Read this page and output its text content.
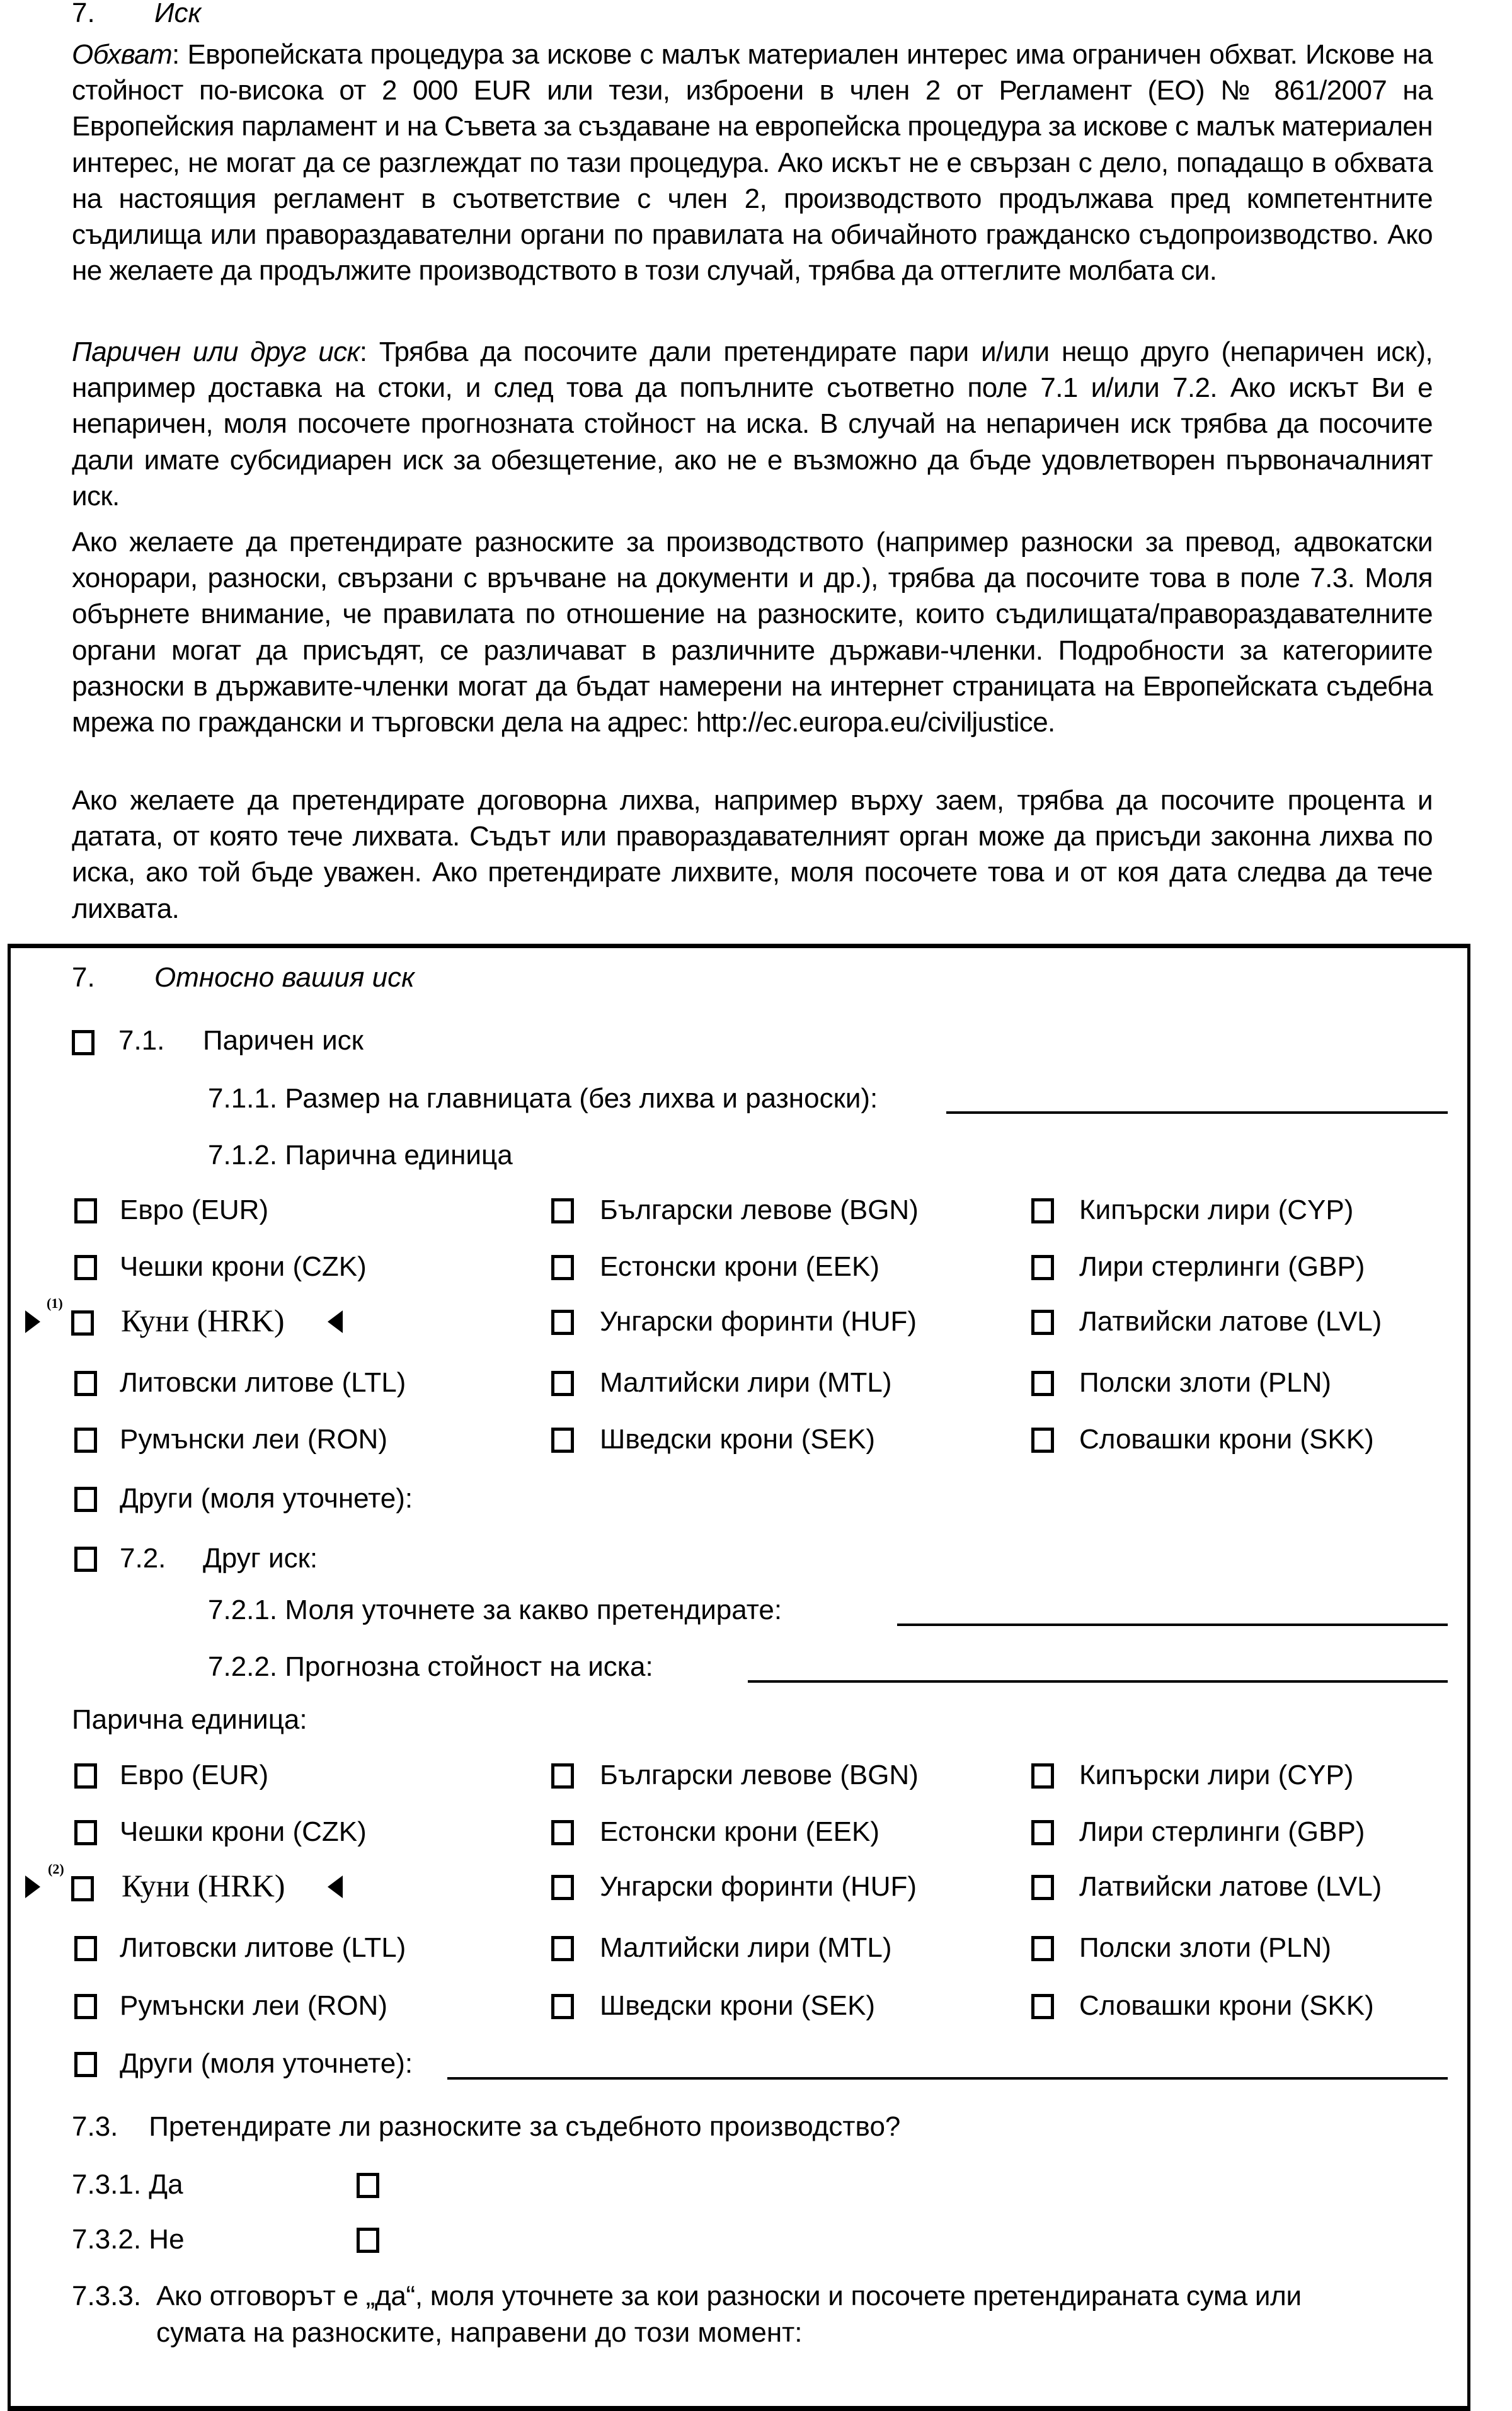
7. Иск
Обхват: Европейската процедура за искове с малък материален интерес има ограничен обхват. Искове на стойност по-висока от 2 000 EUR или тези, изброени в член 2 от Регламент (ЕО) № 861/2007 на Европейския парламент и на Съвета за създаване на европейска процедура за искове с малък материален интерес, не могат да се разглеждат по тази процедура. Ако искът не е свързан с дело, попадащо в обхвата на настоящия регламент в съответствие с член 2, производството продължава пред компетентните съдилища или правораздавателни органи по правилата на обичайното гражданско съдопроизводство. Ако не желаете да продължите производството в този случай, трябва да оттеглите молбата си.
Паричен или друг иск: Трябва да посочите дали претендирате пари и/или нещо друго (непаричен иск), например доставка на стоки, и след това да попълните съответно поле 7.1 и/или 7.2. Ако искът Ви е непаричен, моля посочете прогнозната стойност на иска. В случай на непаричен иск трябва да посочите дали имате субсидиарен иск за обезщетение, ако не е възможно да бъде удовлетворен първоначалният иск.
Ако желаете да претендирате разноските за производството (например разноски за превод, адвокатски хонорари, разноски, свързани с връчване на документи и др.), трябва да посочите това в поле 7.3. Моля обърнете внимание, че правилата по отношение на разноските, които съдилищата/правораздавателните органи могат да присъдят, се различават в различните държави-членки. Подробности за категориите разноски в държавите-членки могат да бъдат намерени на интернет страницата на Европейската съдебна мрежа по граждански и търговски дела на адрес: http://ec.europa.eu/civiljustice.
Ако желаете да претендирате договорна лихва, например върху заем, трябва да посочите процента и датата, от която тече лихвата. Съдът или правораздавателният орган може да присъди законна лихва по иска, ако той бъде уважен. Ако претендирате лихвите, моля посочете това и от коя дата следва да тече лихвата.
7. Относно вашия иск
7.1. Паричен иск
7.1.1. Размер на главницата (без лихва и разноски):
7.1.2. Парична единица
Евро (EUR)	Български левове (BGN)	Кипърски лири (CYP)
Чешки крони (CZK)	Естонски крони (EEK)	Лири стерлинги (GBP)
(1) Куни (HRK)	Унгарски форинти (HUF)	Латвийски латове (LVL)
Литовски литове (LTL)	Малтийски лири (MTL)	Полски злоти (PLN)
Румънски леи (RON)	Шведски крони (SEK)	Словашки крони (SKK)
Други (моля уточнете):
7.2. Друг иск:
7.2.1. Моля уточнете за какво претендирате:
7.2.2. Прогнозна стойност на иска:
Парична единица:
Евро (EUR)	Български левове (BGN)	Кипърски лири (CYP)
Чешки крони (CZK)	Естонски крони (EEK)	Лири стерлинги (GBP)
(2) Куни (HRK)	Унгарски форинти (HUF)	Латвийски латове (LVL)
Литовски литове (LTL)	Малтийски лири (MTL)	Полски злоти (PLN)
Румънски леи (RON)	Шведски крони (SEK)	Словашки крони (SKK)
Други (моля уточнете):
7.3.    Претендирате ли разноските за съдебното производство?
7.3.1. Да
7.3.2. Не
7.3.3. Ако отговорът е „да“, моля уточнете за кои разноски и посочете претендираната сума или
сумата на разноските, направени до този момент:
